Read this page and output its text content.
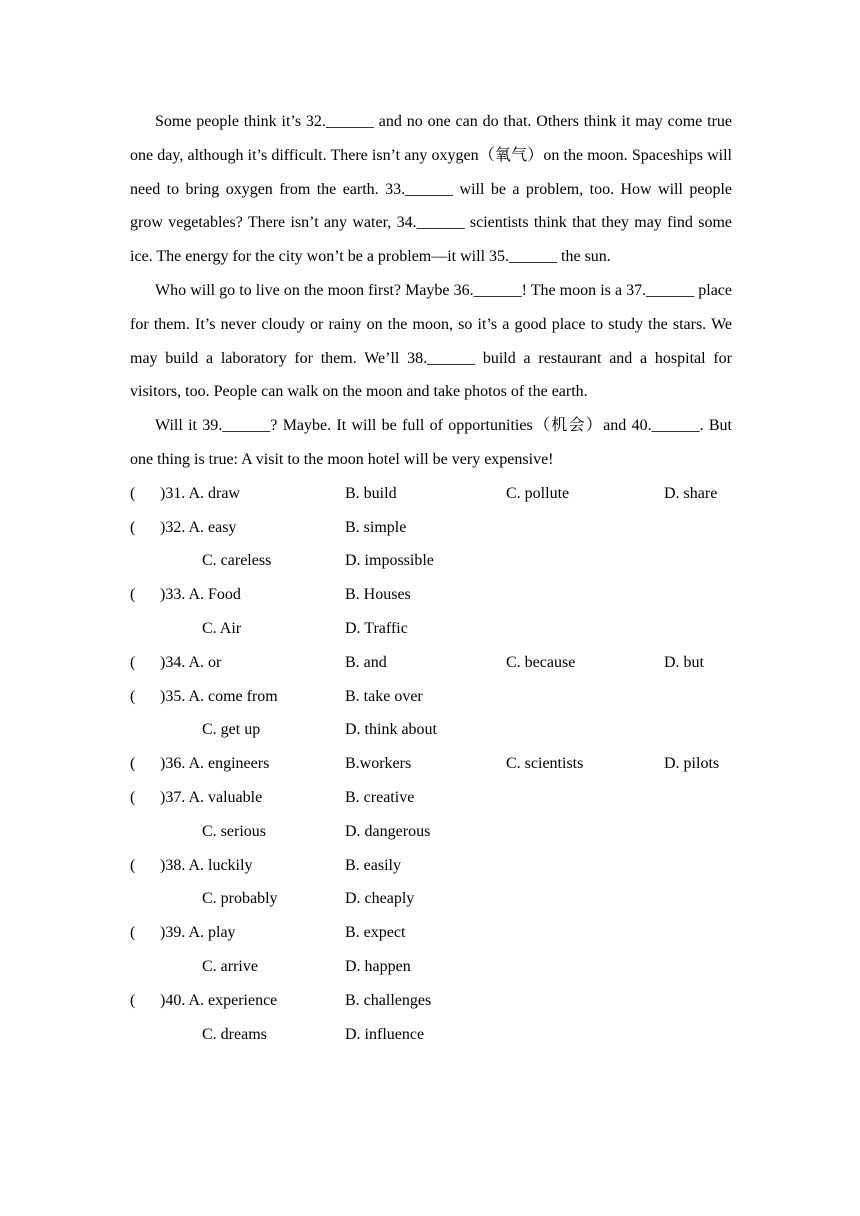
Some people think it’s 32.______ and no one can do that. Others think it may come true one day, although it’s difficult. There isn’t any oxygen（氧气）on the moon. Spaceships will need to bring oxygen from the earth. 33.______ will be a problem, too. How will people grow vegetables? There isn’t any water, 34.______ scientists think that they may find some ice. The energy for the city won’t be a problem—it will 35.______ the sun.

Who will go to live on the moon first? Maybe 36.______! The moon is a 37.______ place for them. It’s never cloudy or rainy on the moon, so it’s a good place to study the stars. We may build a laboratory for them. We’ll 38.______ build a restaurant and a hospital for visitors, too. People can walk on the moon and take photos of the earth.

Will it 39.______? Maybe. It will be full of opportunities（机会）and 40.______. But one thing is true: A visit to the moon hotel will be very expensive!

( )31. A. draw	B. build	C. pollute	D. share
( )32. A. easy	B. simple
C. careless	D. impossible
( )33. A. Food	B. Houses
C. Air	D. Traffic
( )34. A. or	B. and	C. because	D. but
( )35. A. come from	B. take over
C. get up	D. think about
( )36. A. engineers	B.workers	C. scientists	D. pilots
( )37. A. valuable	B. creative
C. serious	D. dangerous
( )38. A. luckily	B. easily
C. probably	D. cheaply
( )39. A. play	B. expect
C. arrive	D. happen
( )40. A. experience	B. challenges
C. dreams	D. influence
